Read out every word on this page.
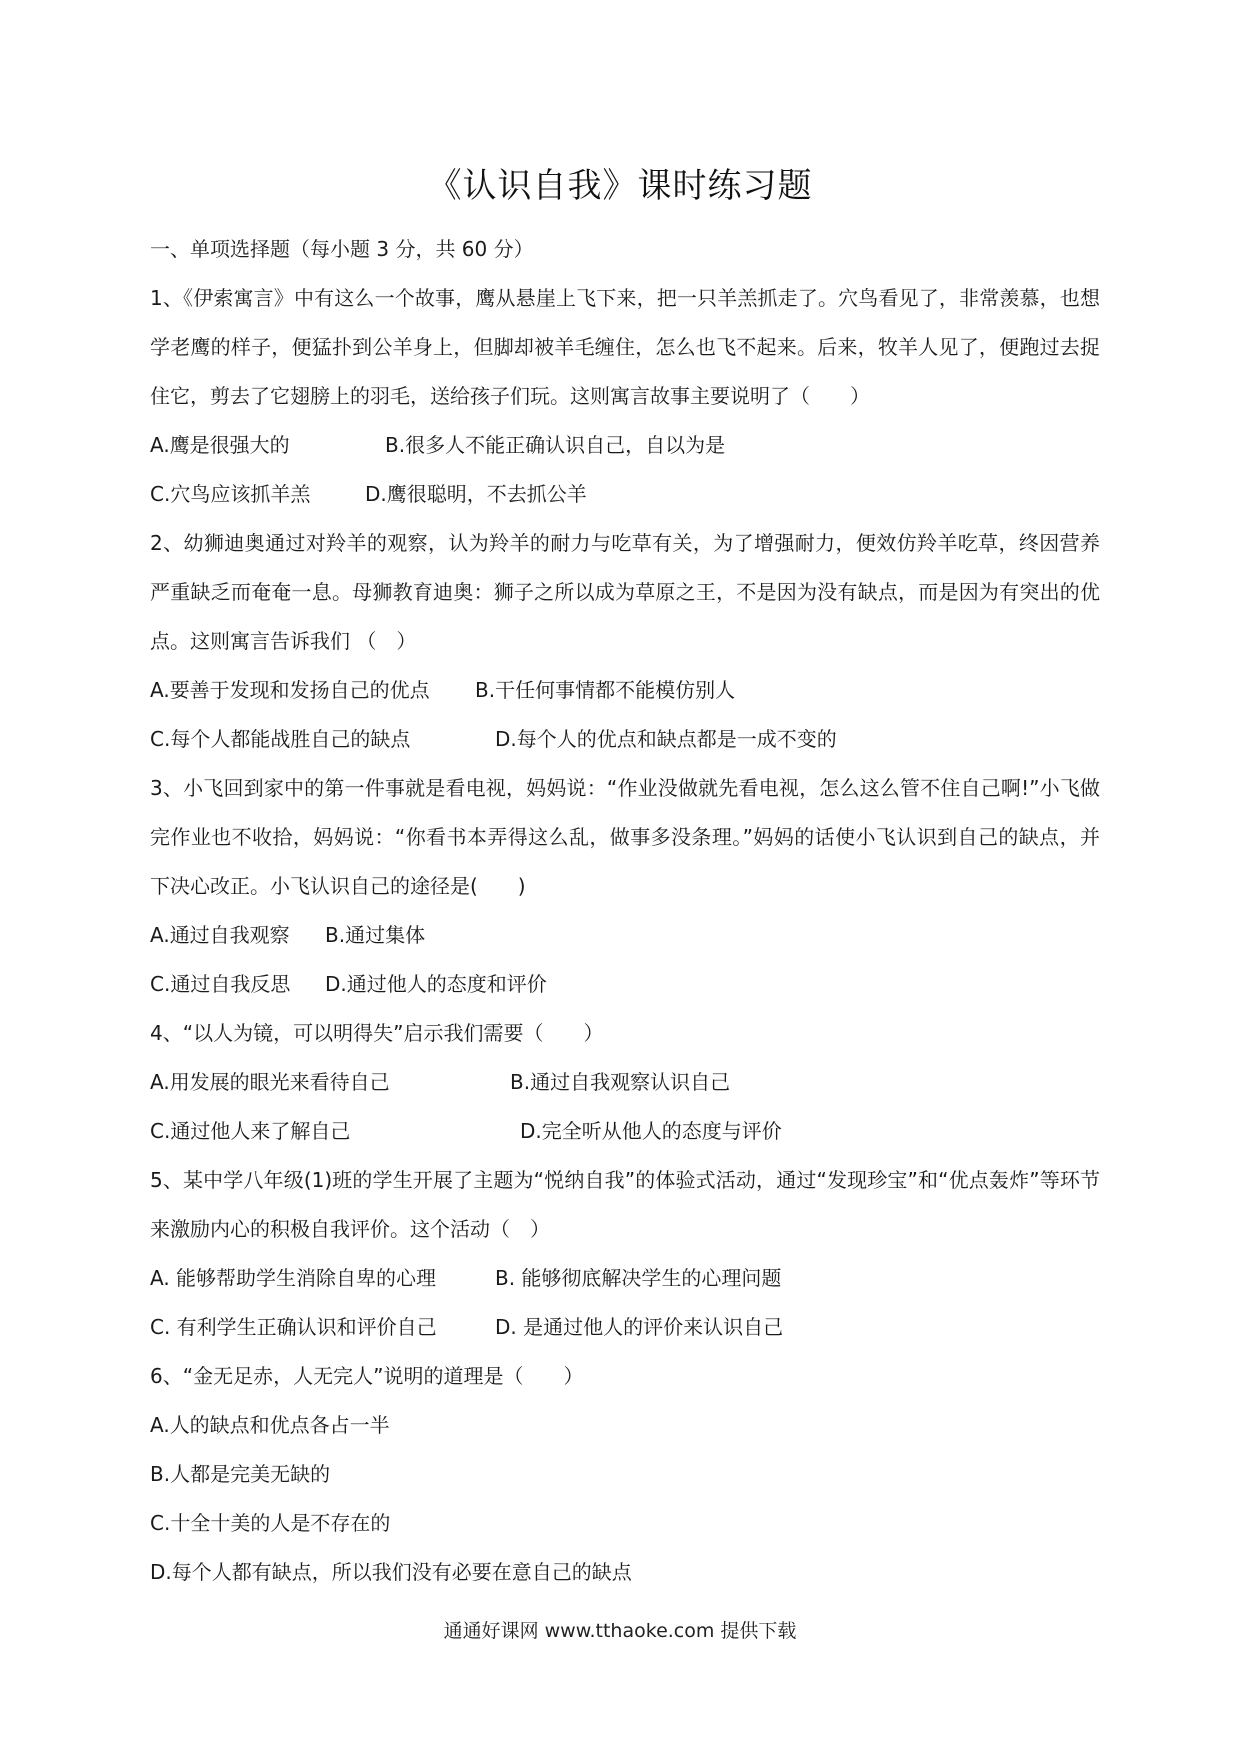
《认识自我》课时练习题
一、单项选择题（每小题 3 分，共 60 分）
1、《伊索寓言》中有这么一个故事，鹰从悬崖上飞下来，把一只羊羔抓走了。穴鸟看见了，非常羡慕，也想学老鹰的样子，便猛扑到公羊身上，但脚却被羊毛缠住，怎么也飞不起来。后来，牧羊人见了，便跑过去捉住它，剪去了它翅膀上的羽毛，送给孩子们玩。这则寓言故事主要说明了（　　）
A.鹰是很强大的	B.很多人不能正确认识自己，自以为是
C.穴鸟应该抓羊羔	D.鹰很聪明，不去抓公羊
2、幼狮迪奥通过对羚羊的观察，认为羚羊的耐力与吃草有关，为了增强耐力，便效仿羚羊吃草，终因营养严重缺乏而奄奄一息。母狮教育迪奥：狮子之所以成为草原之王，不是因为没有缺点，而是因为有突出的优点。这则寓言告诉我们 （　）
A.要善于发现和发扬自己的优点	B.干任何事情都不能模仿别人
C.每个人都能战胜自己的缺点	D.每个人的优点和缺点都是一成不变的
3、小飞回到家中的第一件事就是看电视，妈妈说：“作业没做就先看电视，怎么这么管不住自己啊!”小飞做完作业也不收拾，妈妈说：“你看书本弄得这么乱，做事多没条理。”妈妈的话使小飞认识到自己的缺点，并下决心改正。小飞认识自己的途径是(　　)
A.通过自我观察	B.通过集体
C.通过自我反思	D.通过他人的态度和评价
4、“以人为镜，可以明得失”启示我们需要（　　）
A.用发展的眼光来看待自己	B.通过自我观察认识自己
C.通过他人来了解自己	D.完全听从他人的态度与评价
5、某中学八年级(1)班的学生开展了主题为“悦纳自我”的体验式活动，通过“发现珍宝”和“优点轰炸”等环节来激励内心的积极自我评价。这个活动（　）
A. 能够帮助学生消除自卑的心理	B. 能够彻底解决学生的心理问题
C. 有利学生正确认识和评价自己	D. 是通过他人的评价来认识自己
6、“金无足赤，人无完人”说明的道理是（　　）
A.人的缺点和优点各占一半
B.人都是完美无缺的
C.十全十美的人是不存在的
D.每个人都有缺点，所以我们没有必要在意自己的缺点
通通好课网 www.tthaoke.com 提供下载
